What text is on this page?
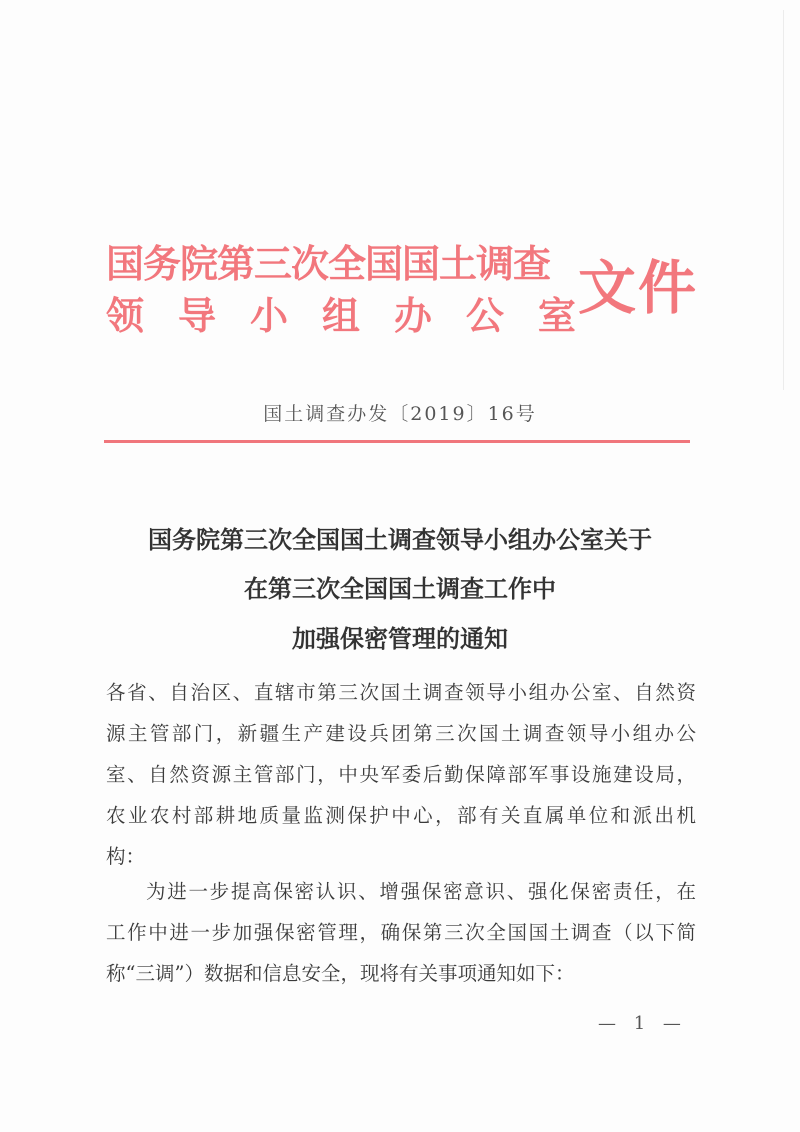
国务院第三次全国国土调查
领 导 小 组 办 公 室 文件
国土调查办发〔2019〕16号
国务院第三次全国国土调查领导小组办公室关于
在第三次全国国土调查工作中
加强保密管理的通知
各省、自治区、直辖市第三次国土调查领导小组办公室、自然资
源主管部门，新疆生产建设兵团第三次国土调查领导小组办公
室、自然资源主管部门，中央军委后勤保障部军事设施建设局，
农业农村部耕地质量监测保护中心，部有关直属单位和派出机
构：
为进一步提高保密认识、增强保密意识、强化保密责任，在
工作中进一步加强保密管理，确保第三次全国国土调查（以下简
称“三调”）数据和信息安全，现将有关事项通知如下：
— 1 —
